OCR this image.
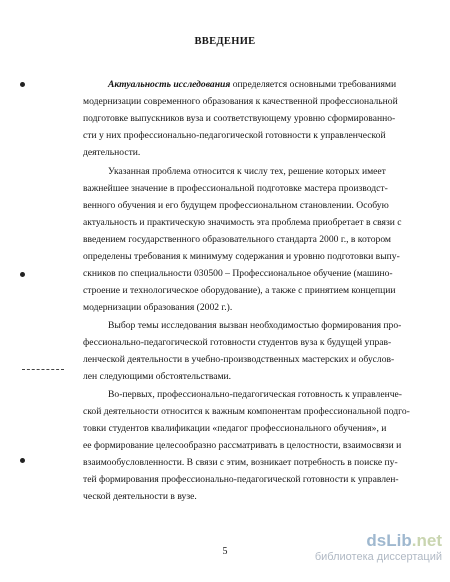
ВВЕДЕНИЕ
Актуальность исследования определяется основными требованиями
модернизации современного образования к качественной профессиональной
подготовке выпускников вуза и соответствующему уровню сформированно-
сти у них профессионально-педагогической готовности к управленческой
деятельности.
Указанная проблема относится к числу тех, решение которых имеет
важнейшее значение в профессиональной подготовке мастера производст-
венного обучения и его будущем профессиональном становлении. Особую
актуальность и практическую значимость эта проблема приобретает в связи с
введением государственного образовательного стандарта 2000 г., в котором
определены требования к минимуму содержания и уровню подготовки выпу-
скников по специальности 030500 – Профессиональное обучение (машино-
строение и технологическое оборудование), а также с принятием концепции
модернизации образования (2002 г.).
Выбор темы исследования вызван необходимостью формирования про-
фессионально-педагогической готовности студентов вуза к будущей управ-
ленческой деятельности в учебно-производственных мастерских и обуслов-
лен следующими обстоятельствами.
Во-первых, профессионально-педагогическая готовность к управленче-
ской деятельности относится к важным компонентам профессиональной подго-
товки студентов квалификации «педагог профессионального обучения», и
ее формирование целесообразно рассматривать в целостности, взаимосвязи и
взаимообусловленности. В связи с этим, возникает потребность в поиске пу-
тей формирования профессионально-педагогической готовности к управлен-
ческой деятельности в вузе.
5
dsLib.net
библиотека диссертаций
